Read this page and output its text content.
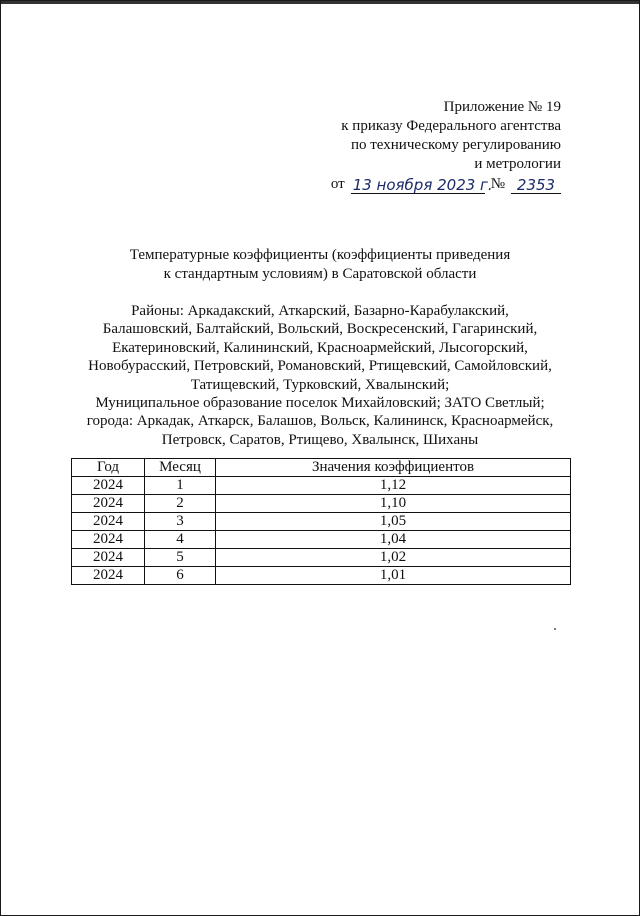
Приложение № 19
к приказу Федерального агентства
по техническому регулированию
и метрологии
от 13 ноября 2023 г.
№ 2353
Температурные коэффициенты (коэффициенты приведения
к стандартным условиям) в Саратовской области
Районы: Аркадакский, Аткарский, Базарно-Карабулакский,
Балашовский, Балтайский, Вольский, Воскресенский, Гагаринский,
Екатериновский, Калининский, Красноармейский, Лысогорский,
Новобурасский, Петровский, Романовский, Ртищевский, Самойловский,
Татищевский, Турковский, Хвалынский;
Муниципальное образование поселок Михайловский; ЗАТО Светлый;
города: Аркадак, Аткарск, Балашов, Вольск, Калининск, Красноармейск,
Петровск, Саратов, Ртищево, Хвалынск, Шиханы
Год	Месяц	Значения коэффициентов
2024	1	1,12
2024	2	1,10
2024	3	1,05
2024	4	1,04
2024	5	1,02
2024	6	1,01
